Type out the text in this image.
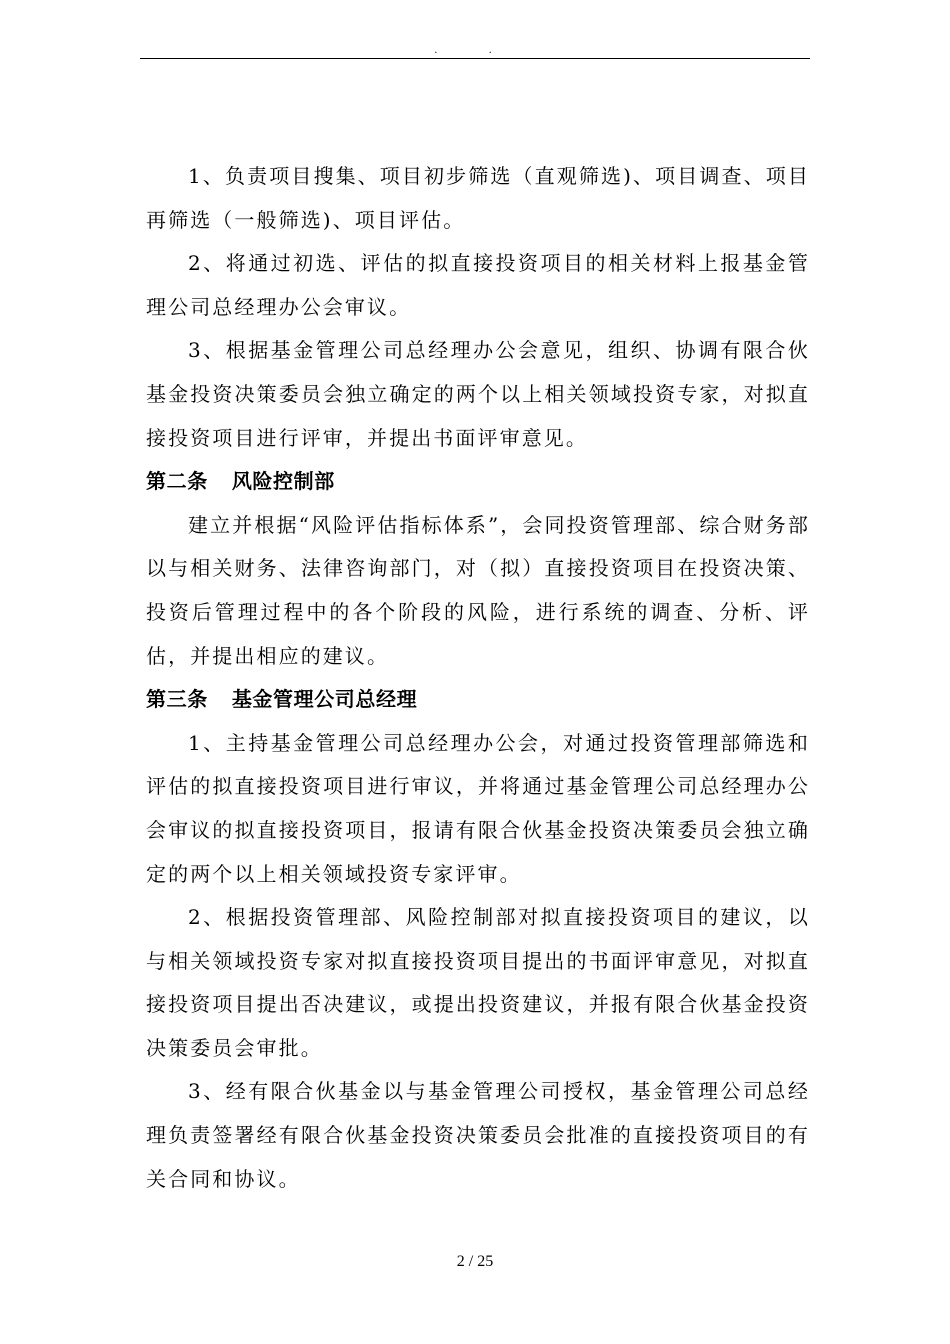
. .

1、负责项目搜集、项目初步筛选（直观筛选)、项目调查、项目再筛选（一般筛选)、项目评估。

2、将通过初选、评估的拟直接投资项目的相关材料上报基金管理公司总经理办公会审议。

3、根据基金管理公司总经理办公会意见，组织、协调有限合伙基金投资决策委员会独立确定的两个以上相关领域投资专家，对拟直接投资项目进行评审，并提出书面评审意见。

第二条 风险控制部

建立并根据“风险评估指标体系”，会同投资管理部、综合财务部以与相关财务、法律咨询部门，对（拟）直接投资项目在投资决策、投资后管理过程中的各个阶段的风险，进行系统的调查、分析、评估，并提出相应的建议。

第三条 基金管理公司总经理

1、主持基金管理公司总经理办公会，对通过投资管理部筛选和评估的拟直接投资项目进行审议，并将通过基金管理公司总经理办公会审议的拟直接投资项目，报请有限合伙基金投资决策委员会独立确定的两个以上相关领域投资专家评审。

2、根据投资管理部、风险控制部对拟直接投资项目的建议，以与相关领域投资专家对拟直接投资项目提出的书面评审意见，对拟直接投资项目提出否决建议，或提出投资建议，并报有限合伙基金投资决策委员会审批。

3、经有限合伙基金以与基金管理公司授权，基金管理公司总经理负责签署经有限合伙基金投资决策委员会批准的直接投资项目的有关合同和协议。

2 / 25
